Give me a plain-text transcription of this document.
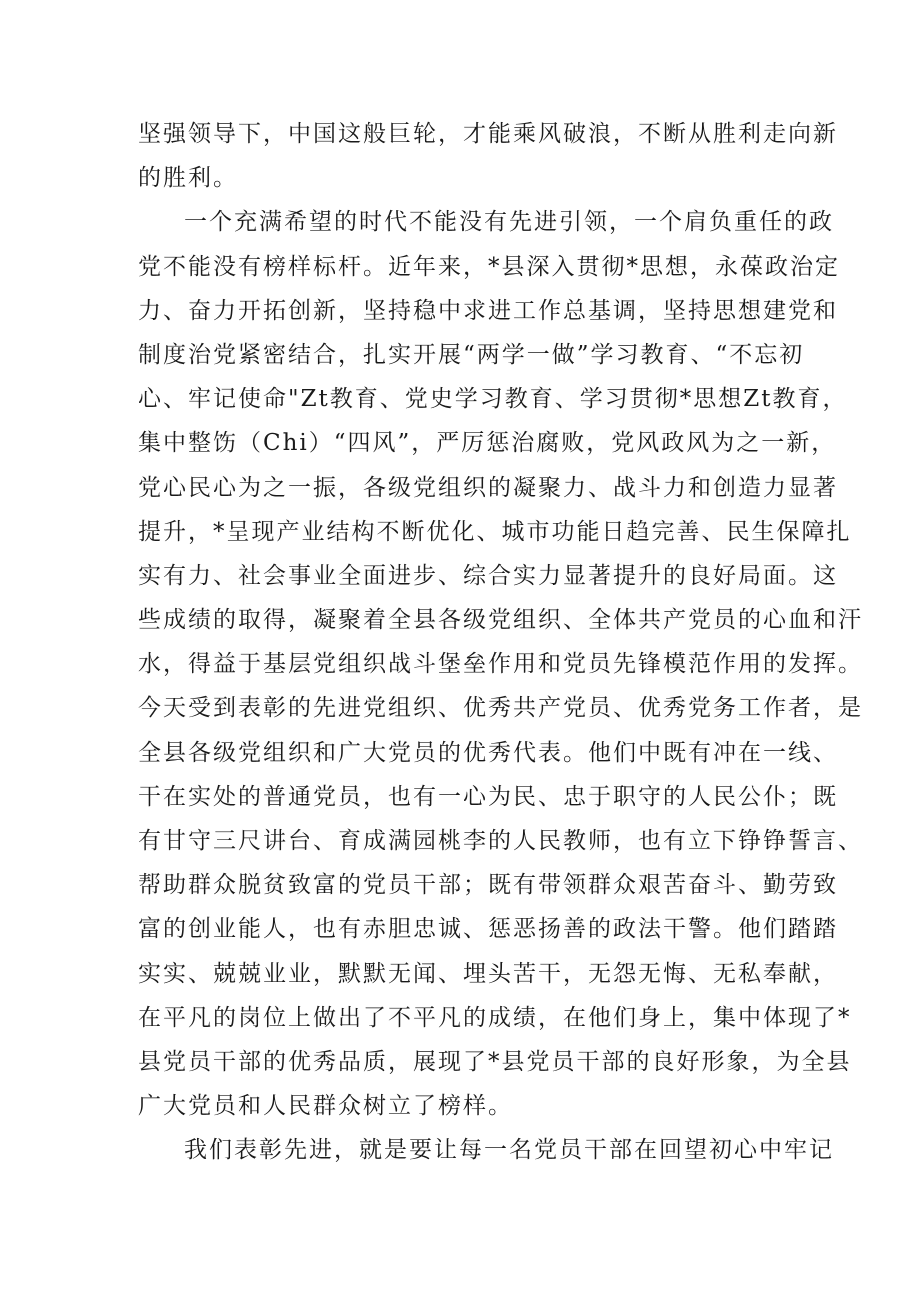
坚强领导下，中国这般巨轮，才能乘风破浪，不断从胜利走向新
的胜利。
一个充满希望的时代不能没有先进引领，一个肩负重任的政
党不能没有榜样标杆。近年来，*县深入贯彻*思想，永葆政治定
力、奋力开拓创新，坚持稳中求进工作总基调，坚持思想建党和
制度治党紧密结合，扎实开展“两学一做”学习教育、“不忘初
心、牢记使命"Zt教育、党史学习教育、学习贯彻*思想Zt教育，
集中整饬（Chi）“四风”，严厉惩治腐败，党风政风为之一新，
党心民心为之一振，各级党组织的凝聚力、战斗力和创造力显著
提升，*呈现产业结构不断优化、城市功能日趋完善、民生保障扎
实有力、社会事业全面进步、综合实力显著提升的良好局面。这
些成绩的取得，凝聚着全县各级党组织、全体共产党员的心血和汗
水，得益于基层党组织战斗堡垒作用和党员先锋模范作用的发挥。
今天受到表彰的先进党组织、优秀共产党员、优秀党务工作者，是
全县各级党组织和广大党员的优秀代表。他们中既有冲在一线、
干在实处的普通党员，也有一心为民、忠于职守的人民公仆；既
有甘守三尺讲台、育成满园桃李的人民教师，也有立下铮铮誓言、
帮助群众脱贫致富的党员干部；既有带领群众艰苦奋斗、勤劳致
富的创业能人，也有赤胆忠诚、惩恶扬善的政法干警。他们踏踏
实实、兢兢业业，默默无闻、埋头苦干，无怨无悔、无私奉献，
在平凡的岗位上做出了不平凡的成绩，在他们身上，集中体现了*
县党员干部的优秀品质，展现了*县党员干部的良好形象，为全县
广大党员和人民群众树立了榜样。
我们表彰先进，就是要让每一名党员干部在回望初心中牢记
